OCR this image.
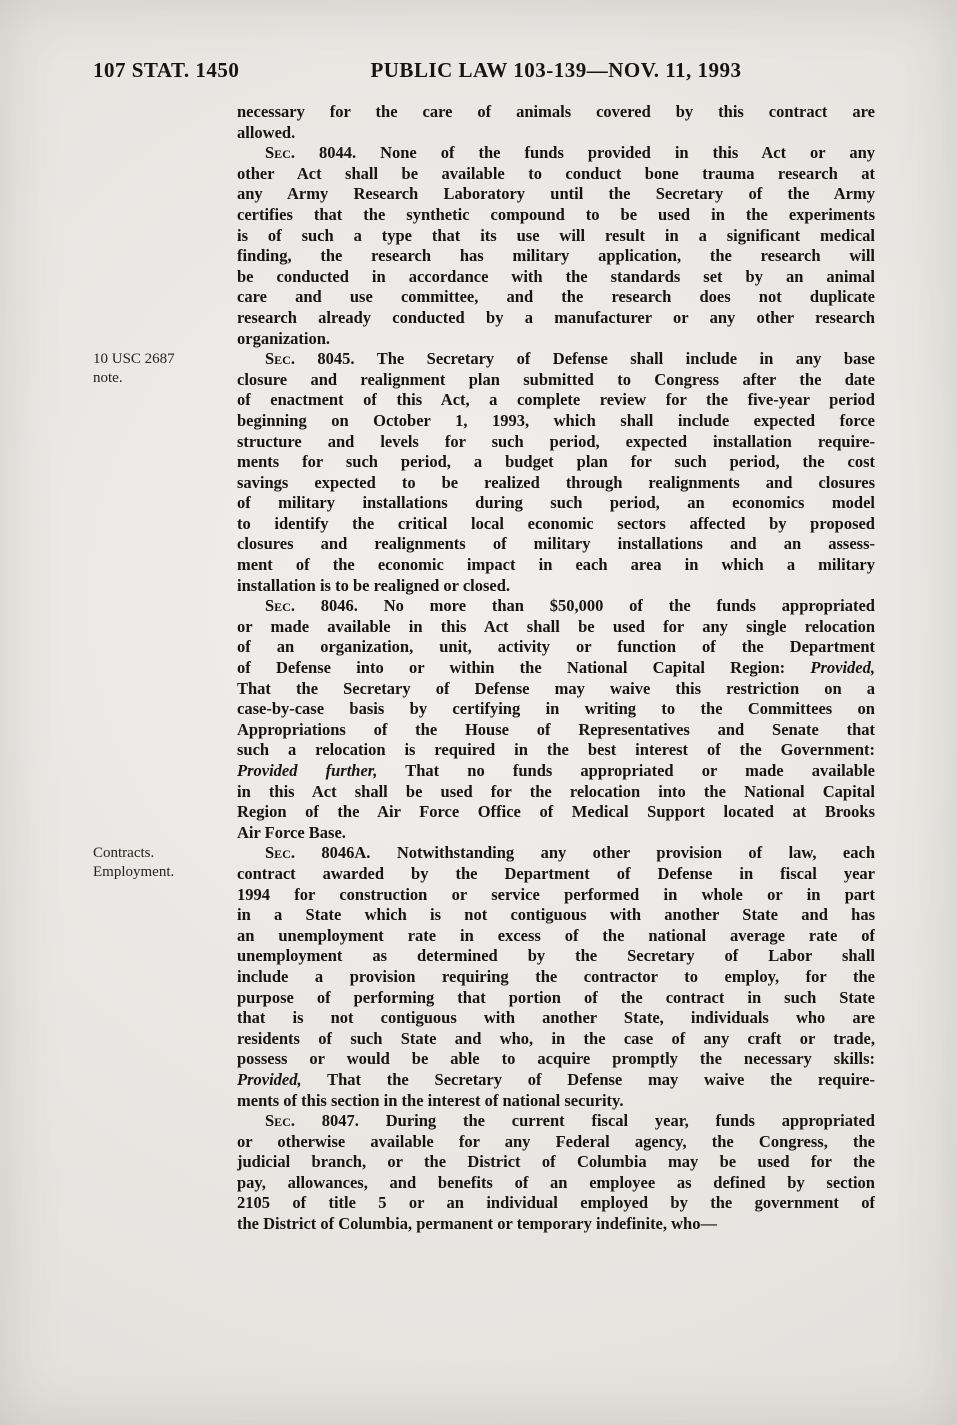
107 STAT. 1450	PUBLIC LAW 103-139—NOV. 11, 1993
necessary for the care of animals covered by this contract are
allowed.
Sec. 8044. None of the funds provided in this Act or any
other Act shall be available to conduct bone trauma research at
any Army Research Laboratory until the Secretary of the Army
certifies that the synthetic compound to be used in the experiments
is of such a type that its use will result in a significant medical
finding, the research has military application, the research will
be conducted in accordance with the standards set by an animal
care and use committee, and the research does not duplicate
research already conducted by a manufacturer or any other research
organization.
10 USC 2687
note.
Sec. 8045. The Secretary of Defense shall include in any base
closure and realignment plan submitted to Congress after the date
of enactment of this Act, a complete review for the five-year period
beginning on October 1, 1993, which shall include expected force
structure and levels for such period, expected installation require-
ments for such period, a budget plan for such period, the cost
savings expected to be realized through realignments and closures
of military installations during such period, an economics model
to identify the critical local economic sectors affected by proposed
closures and realignments of military installations and an assess-
ment of the economic impact in each area in which a military
installation is to be realigned or closed.
Sec. 8046. No more than $50,000 of the funds appropriated
or made available in this Act shall be used for any single relocation
of an organization, unit, activity or function of the Department
of Defense into or within the National Capital Region: Provided,
That the Secretary of Defense may waive this restriction on a
case-by-case basis by certifying in writing to the Committees on
Appropriations of the House of Representatives and Senate that
such a relocation is required in the best interest of the Government:
Provided further, That no funds appropriated or made available
in this Act shall be used for the relocation into the National Capital
Region of the Air Force Office of Medical Support located at Brooks
Air Force Base.
Contracts.
Employment.
Sec. 8046A. Notwithstanding any other provision of law, each
contract awarded by the Department of Defense in fiscal year
1994 for construction or service performed in whole or in part
in a State which is not contiguous with another State and has
an unemployment rate in excess of the national average rate of
unemployment as determined by the Secretary of Labor shall
include a provision requiring the contractor to employ, for the
purpose of performing that portion of the contract in such State
that is not contiguous with another State, individuals who are
residents of such State and who, in the case of any craft or trade,
possess or would be able to acquire promptly the necessary skills:
Provided, That the Secretary of Defense may waive the require-
ments of this section in the interest of national security.
Sec. 8047. During the current fiscal year, funds appropriated
or otherwise available for any Federal agency, the Congress, the
judicial branch, or the District of Columbia may be used for the
pay, allowances, and benefits of an employee as defined by section
2105 of title 5 or an individual employed by the government of
the District of Columbia, permanent or temporary indefinite, who—
